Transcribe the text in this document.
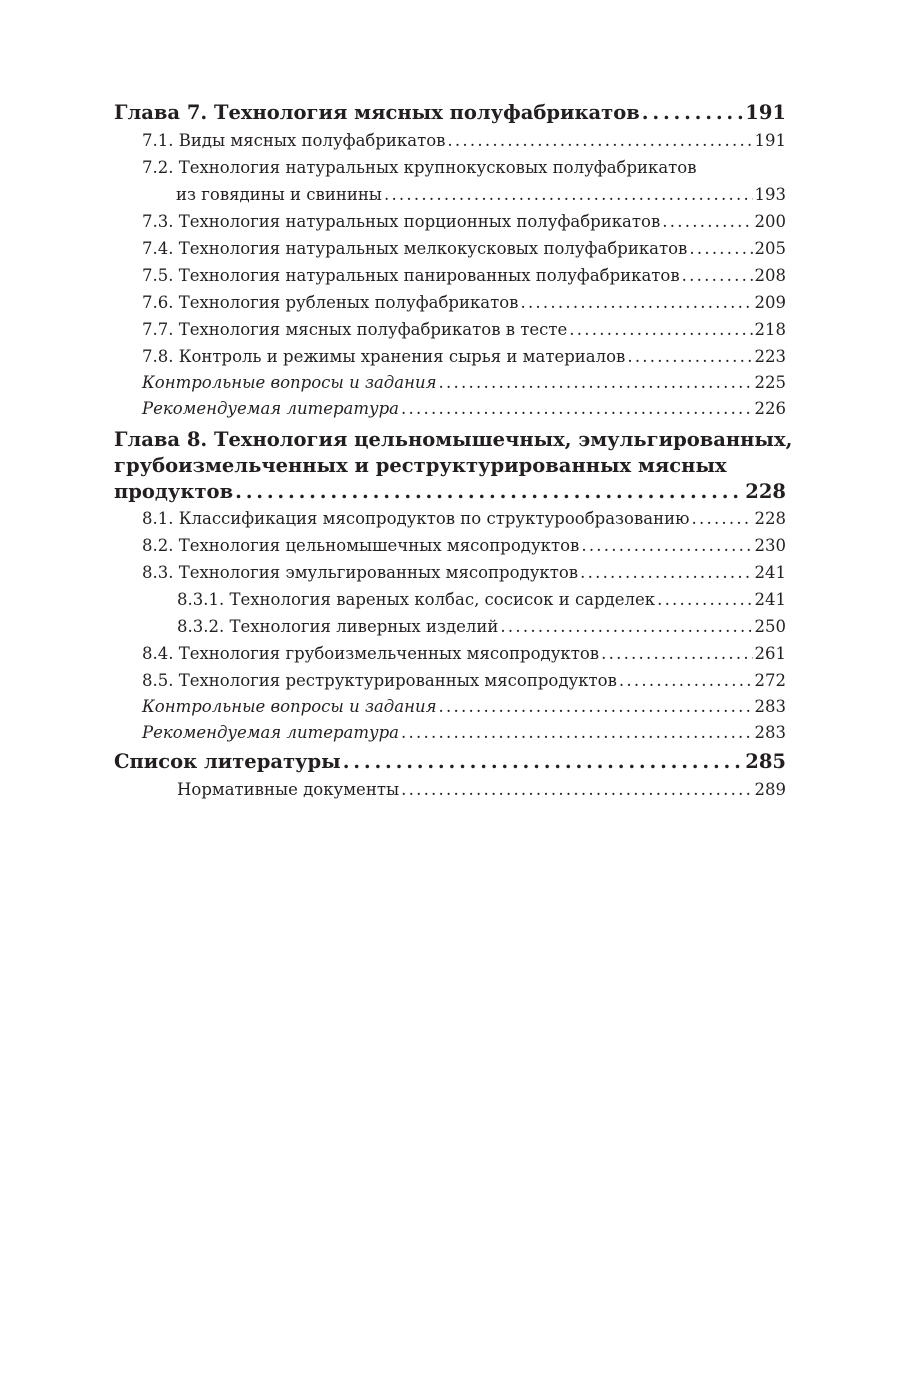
Глава 7. Технология мясных полуфабрикатов . . .	191
7.1. Виды мясных полуфабрикатов . . .	191
7.2. Технология натуральных крупнокусковых полуфабрикатов
из говядины и свинины . . .	193
7.3. Технология натуральных порционных полуфабрикатов . . .	200
7.4. Технология натуральных мелкокусковых полуфабрикатов . . .	205
7.5. Технология натуральных панированных полуфабрикатов . . .	208
7.6. Технология рубленых полуфабрикатов . . .	209
7.7. Технология мясных полуфабрикатов в тесте . . .	218
7.8. Контроль и режимы хранения сырья и материалов . . .	223
Контрольные вопросы и задания . . .	225
Рекомендуемая литература . . .	226
Глава 8. Технология цельномышечных, эмульгированных,
грубоизмельченных и реструктурированных мясных
продуктов . . .	228
8.1. Классификация мясопродуктов по структурообразованию . . .	228
8.2. Технология цельномышечных мясопродуктов . . .	230
8.3. Технология эмульгированных мясопродуктов . . .	241
8.3.1. Технология вареных колбас, сосисок и сарделек . . .	241
8.3.2. Технология ливерных изделий . . .	250
8.4. Технология грубоизмельченных мясопродуктов . . .	261
8.5. Технология реструктурированных мясопродуктов . . .	272
Контрольные вопросы и задания . . .	283
Рекомендуемая литература . . .	283
Список литературы . . .	285
Нормативные документы . . .	289
